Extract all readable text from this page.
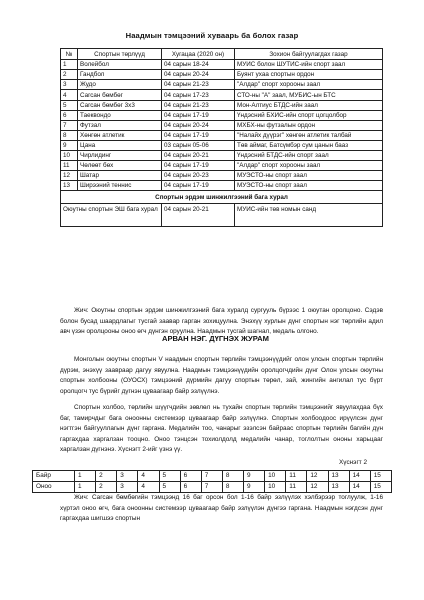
Наадмын тэмцээний хуваарь ба болох газар
№	Спортын төрлүүд	Хугацаа (2020 он)	Зохион байгуулагдах газар
1	Волейбол	04 сарын 18-24	МУИС болон ШУТИС-ийн спорт заал
2	Гандбол	04 сарын 20-24	Буянт ухаа спортын ордон
3	Жудо	04 сарын 21-23	"Алдар" спорт хорооны заал
4	Сагсан бөмбөг	04 сарын 17-23	СТО-ны "А" заал, МУБИС-ын БТС
5	Сагсан бөмбөг 3х3	04 сарын 21-23	Мон-Алтиус БТДС-ийн заал
6	Таеквондо	04 сарын 17-19	Үндэсний БХИС-ийн спорт цогцолбор
7	Футзал	04 сарын 20-24	МХБХ-ны футзалын ордон
8	Хөнгөн атлетик	04 сарын 17-19	"Налайх дүүрэг" хөнгөн атлетик талбай
9	Цана	03 сарын 05-06	Төв аймаг, Батсүмбэр сум цанын бааз
10	Чирлидинг	04 сарын 20-21	Үндэсний БТДС-ийн спорт заал
11	Чөлөөт бөх	04 сарын 17-19	"Алдар" спорт хорооны заал
12	Шатар	04 сарын 20-23	МУЭСТО-ны спорт заал
13	Ширээний теннис	04 сарын 17-19	МУЭСТО-ны спорт заал
Спортын эрдэм шинжилгээний бага хурал			
Оюутны спортын ЭШ бага хурал		04 сарын 20-21	МУИС-ийн төв номын санд

Жич: Оюутны спортын эрдэм шинжилгээний бага хуралд сургууль бүрээс 1 оюутан оролцоно. Сэдэв болон бусад шаардлагыг тусгай заавар гарган зохицуулна. Энэхүү хурлын дүнг спортын нэг төрлийн адил авч үзэн оролцооны оноо өгч дүнгэн оруулна. Наадмын тусгай шагнал, медаль олгоно.

АРВАН НЭГ. ДҮГНЭХ ЖУРАМ

Монголын оюутны спортын V наадмын спортын төрлийн тэмцээнүүдийг олон улсын спортын төрлийн дүрэм, энэхүү заавраар дагуу явуулна. Наадмын тэмцээнүүдийн оролцогчдийн дүнг Олон улсын оюутны спортын холбооны (ОУОСХ) тэмцээний дүрмийн дагуу спортын төрөл, зай, жингийн ангилал тус бүрт оролцогч тус бүрийг дүгнэн цуваагаар байр эзлүүлнэ.

Спортын холбоо, төрлийн шүүгчдийн зөвлөл нь тухайн спортын төрлийн тэмцээнийг явуулахдаа бүх баг, тамирчдыг бага оноонны системээр цуваагаар байр эзлүүлнэ. Спортын холбоодоос ирүүлсэн дүнг нэгтгэн байгууллагын дүнг гаргана. Медалийн тоо, чанарыг эзэлсэн байраас спортын төрлийн багийн дүн гаргахдаа харгалзан тооцно. Оноо тэнцсэн тохиолдолд медалийн чанар, тоглолтын ононы харьцааг харгалзан дүгнэнэ. Хүснэгт 2-ийг үзнэ үү.

Хүснэгт 2
Байр	1	2	3	4	5	6	7	8	9	10	11	12	13	14	15
Оноо	1	2	3	4	5	6	7	8	9	10	11	12	13	14	15

Жич: Сагсан бөмбөгийн тэмцээнд 16 баг орсон бол 1-16 байр эзлүүлэх хэлбэрээр тоглуулж, 1-16 хүртэл оноо өгч, бага оноонны системээр цуваагаар байр эзлүүлэн дүнгээ гаргана. Наадмын нэгдсэн дүнг гаргахдаа шигшээ спортын
